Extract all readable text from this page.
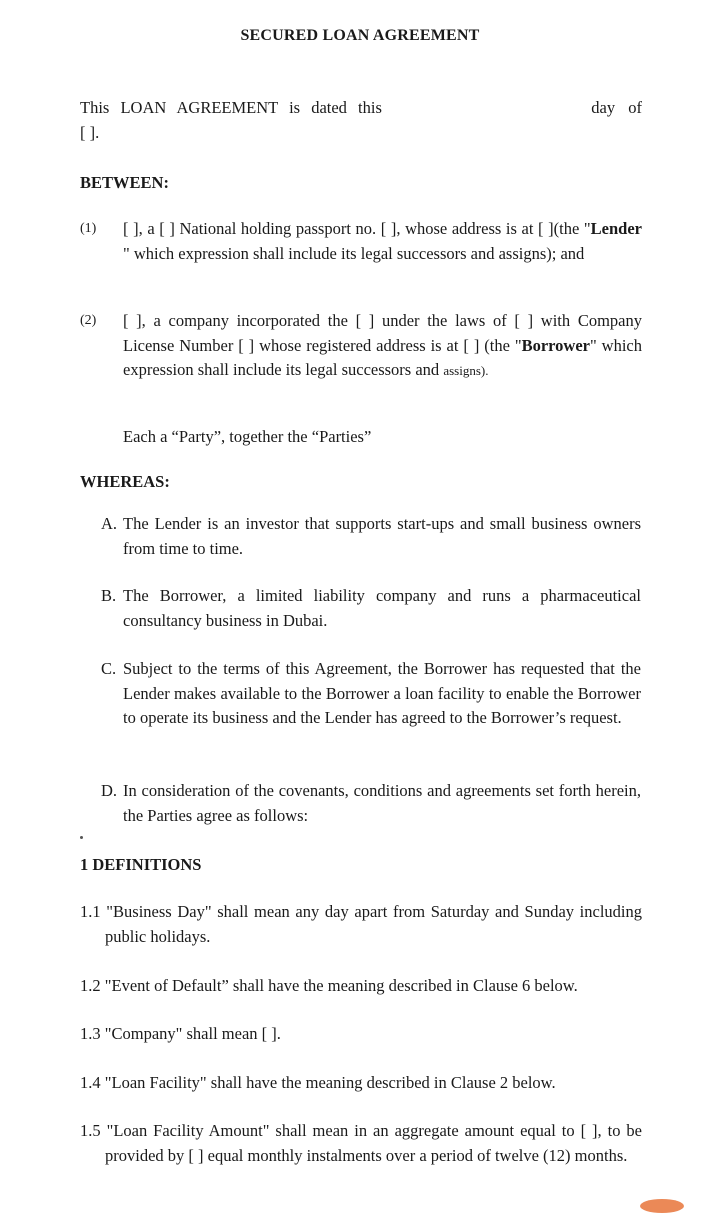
SECURED LOAN AGREEMENT
This LOAN AGREEMENT is dated this	day of
[ ].
BETWEEN:
(1) [ ], a [ ] National holding passport no. [ ], whose address is at [ ](the "Lender " which expression shall include its legal successors and assigns); and
(2) [ ], a company incorporated the [ ] under the laws of [ ] with Company License Number [ ] whose registered address is at [ ] (the "Borrower" which expression shall include its legal successors and assigns).
Each a “Party”, together the “Parties”
WHEREAS:
A. The Lender is an investor that supports start-ups and small business owners from time to time.
B. The Borrower, a limited liability company and runs a pharmaceutical consultancy business in Dubai.
C. Subject to the terms of this Agreement, the Borrower has requested that the Lender makes available to the Borrower a loan facility to enable the Borrower to operate its business and the Lender has agreed to the Borrower’s request.
D. In consideration of the covenants, conditions and agreements set forth herein, the Parties agree as follows:
1 DEFINITIONS
1.1 "Business Day" shall mean any day apart from Saturday and Sunday including public holidays.
1.2 "Event of Default” shall have the meaning described in Clause 6 below.
1.3 "Company" shall mean [ ].
1.4 "Loan Facility" shall have the meaning described in Clause 2 below.
1.5 "Loan Facility Amount" shall mean in an aggregate amount equal to [ ], to be provided by [ ] equal monthly instalments over a period of twelve (12) months.
